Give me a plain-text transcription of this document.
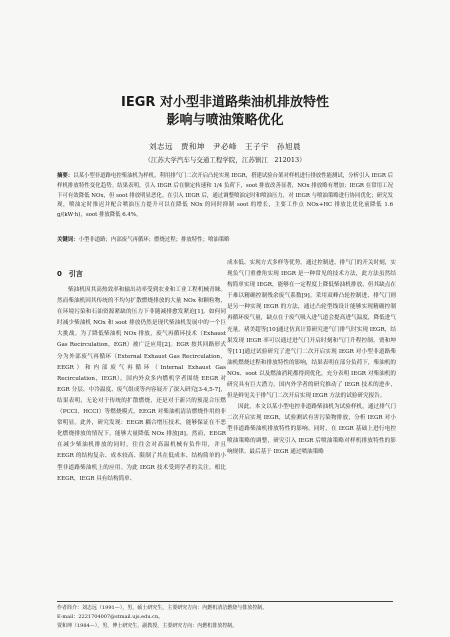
IEGR 对小型非道路柴油机排放特性
影响与喷油策略优化
刘志远　贾和坤　尹必峰　王子宇　孙旭晨
（江苏大学汽车与交通工程学院，江苏镇江　212013）
摘要：以某小型非道路电控柴油机为样机，利用排气门二次开启凸轮实现 IEGR，搭建试验台架对样机进行排放性能测试，分析引入 IEGR 后样机排放特性变化趋势。结果表明，引入 IEGR 后在额定转速和 1/4 负荷下，soot 排放改善显著，NOx 排放略有增加；IEGR 在常用工况下可有效降低 NOx，但 soot 排放明显恶化。在引入 IEGR 后，通过调整喷油定时和喷油压力，对 IEGR 与喷油策略进行协同优化；研究发现，喷油定时推迟并配合喷油压力提升可以在降低 NOx 的同时抑制 soot 的增长，主要工作点 NOx+HC 排放比优化前降低 1.6 g/(kW·h)，soot 排放降低 6.4%。
关键词：小型非道路；内部废气再循环；燃烧过程；排放特性；喷油策略
0　引言

柴油机因其高热效率和输出功率受到农业和工业工程机械青睐。然而柴油机因其传统的不均匀扩散燃烧排放的大量 NOx 和颗粒物，在环境污染和石油资源紧缺的压力下非随减排愈发紧迫[1]。如何同时减少柴油机 NOx 和 soot 排放仍然是现代柴油机发展中的一个巨大挑战。为了降低柴油机 NOx 排放，废气再循环技术（Exhaust Gas Recirculation，EGR）被广泛应用[2]。EGR 按其回路形式分为外部废气再循环（External Exhaust Gas Recirculation，EEGR）和内部废气再循环（Internal Exhaust Gas Recirculation，IEGR）。国内外众多内燃机学者围绕 EEGR 对 EGR 分层、中冷温度、废气组成等内容展开了深入研究[3-4,5-7]，结果表明，无论对于传统的扩散燃烧，还是对于新兴的预混合压燃（PCCI、HCCI）等燃烧模式，EEGR 对柴油机清洁燃烧作用的非常明显。此外，研究发现：EEGR 耦合增压技术，能够保证在不恶化燃烧排放的情况下，能够大量降低 NOx 排放[8]。然而，EEGR 在减少柴油机排放的同时，往往会对高温机械有负作用，并且 EEGR 的结构复杂、成本较高、限制了其在低成本、结构简单的小型非道路柴油机上的应用。为此 IEGR 技术受到学者的关注。相比 EEGR，IEGR 具有结构简单、

成本低、实现方式多样等优势。通过控制进、排气门的开关时刻，实现负气门重叠角实现 IEGR 是一种常见的技术方法，此方法虽然结构简单实现 IEGR，能够在一定程度上降低柴油机排放，但其缺点在于难以精确控制残余废气系数[9]。采用双峰凸轮控制进、排气门则是另一种实现 IEGR 的方法，通过凸轮型线设计能够实现精确控制再循环废气量，缺点在于废气吸入进气道会提高进气温度，降低进气充量。褚美超等[10]通过仿真计算研究进气门排气时实现 IEGR，结果发现 IEGR 率可以通过进气门开启时刻和气门升程控制。贾和坤等[11]通过试验研究了进气门二次开启实现 IEGR 对小型非道路柴油机燃烧过程和排放特性的影响，结果表明在部分负荷下，柴油机的 NOx、soot 以及燃油消耗都得到优化，充分表明 IEGR 对柴油机的研究具有巨大潜力。国内外学者的研究推动了 IEGR 技术的进步，但是鲜见关于排气门二次开启实现 IEGR 方法的试验研究报告。

因此，本文以某小型电控非道路柴油机为试验样机，通过排气门二次开启实现 IEGR，试验测试有害污染物排放，分析 IEGR 对小型非道路柴油机排放特性的影响。同时，在 IEGR 基础上进行电控喷油策略的调整，研究引入 IEGR 后喷油策略对样机排放特性的影响规律。最后基于 IEGR 通过喷油策略

作者简介：刘志远（1991—），男，硕士研究生，主要研究方向：内燃机清洁燃烧与排放控制。
E-mail：2221704007@stmail.ujs.edu.cn。
贾和坤（1984—），男，博士研究生，副教授，主要研究方向：内燃机排放控制。
